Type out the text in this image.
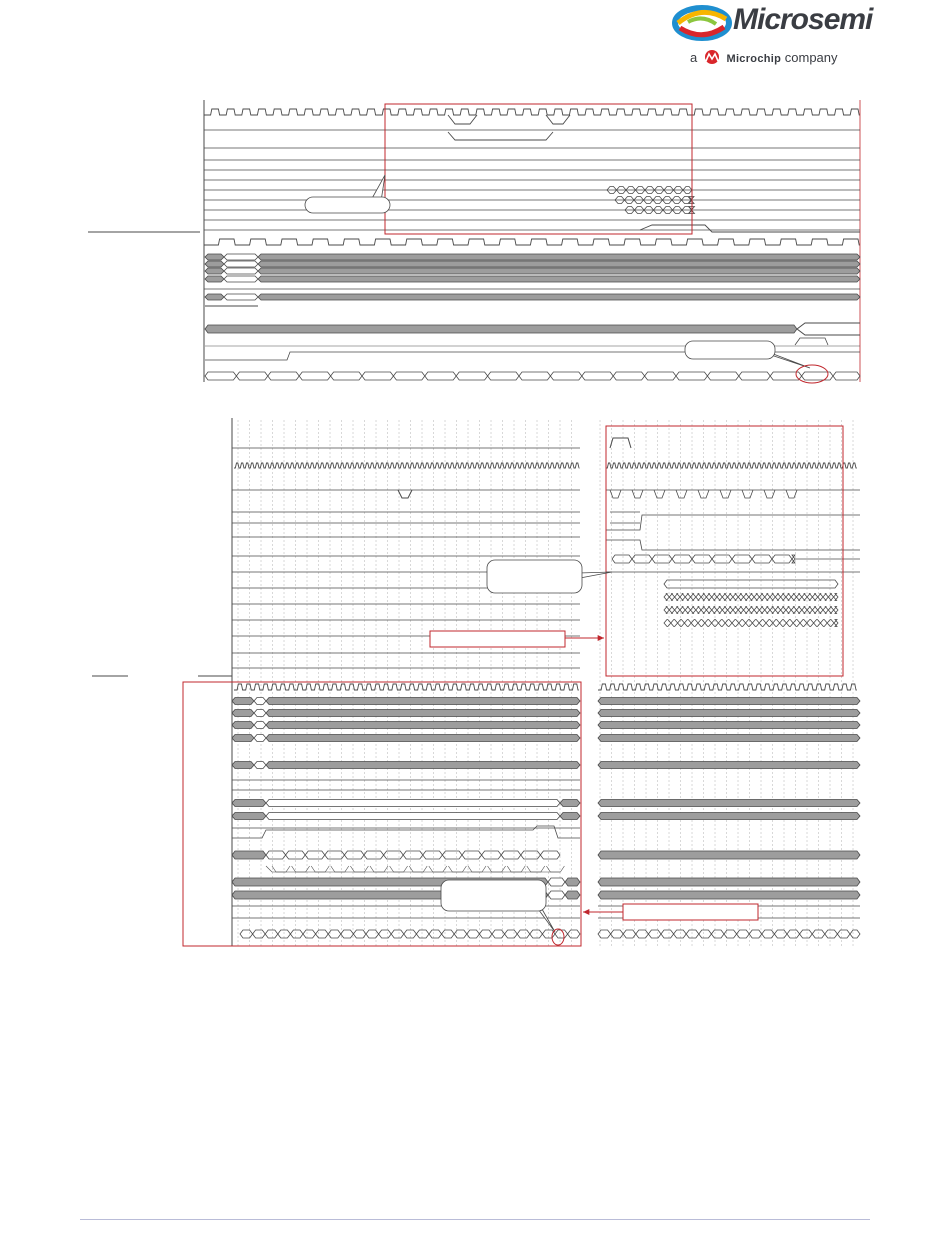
Microsemi
a	Microchip company
